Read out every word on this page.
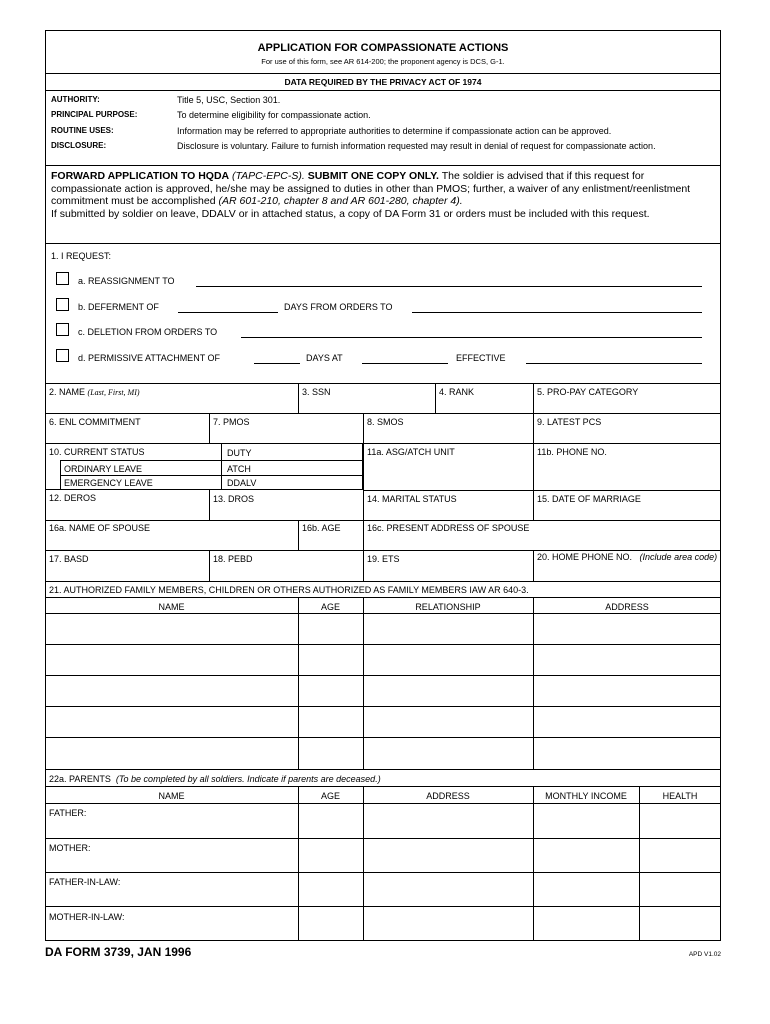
APPLICATION FOR COMPASSIONATE ACTIONS
For use of this form, see AR 614-200; the proponent agency is DCS, G-1.
DATA REQUIRED BY THE PRIVACY ACT OF 1974
AUTHORITY:	Title 5, USC, Section 301.
PRINCIPAL PURPOSE:	To determine eligibility for compassionate action.
ROUTINE USES:	Information may be referred to appropriate authorities to determine if compassionate action can be approved.
DISCLOSURE:	Disclosure is voluntary. Failure to furnish information requested may result in denial of request for compassionate action.
FORWARD APPLICATION TO HQDA (TAPC-EPC-S). SUBMIT ONE COPY ONLY. The soldier is advised that if this request for compassionate action is approved, he/she may be assigned to duties in other than PMOS; further, a waiver of any enlistment/reenlistment commitment must be accomplished (AR 601-210, chapter 8 and AR 601-280, chapter 4).
If submitted by soldier on leave, DDALV or in attached status, a copy of DA Form 31 or orders must be included with this request.
1. I REQUEST:
a. REASSIGNMENT TO
b. DEFERMENT OF	DAYS FROM ORDERS TO
c. DELETION FROM ORDERS TO
d. PERMISSIVE ATTACHMENT OF	DAYS AT	EFFECTIVE
2. NAME (Last, First, MI)	3. SSN	4. RANK	5. PRO-PAY CATEGORY
6. ENL COMMITMENT	7. PMOS	8. SMOS	9. LATEST PCS
10. CURRENT STATUS	DUTY
ORDINARY LEAVE	ATCH
EMERGENCY LEAVE	DDALV
11a. ASG/ATCH UNIT	11b. PHONE NO.
12. DEROS	13. DROS	14. MARITAL STATUS	15. DATE OF MARRIAGE
16a. NAME OF SPOUSE	16b. AGE	16c. PRESENT ADDRESS OF SPOUSE
17. BASD	18. PEBD	19. ETS	20. HOME PHONE NO. (Include area code)
21. AUTHORIZED FAMILY MEMBERS, CHILDREN OR OTHERS AUTHORIZED AS FAMILY MEMBERS IAW AR 640-3.
NAME	AGE	RELATIONSHIP	ADDRESS
22a. PARENTS (To be completed by all soldiers. Indicate if parents are deceased.)
NAME	AGE	ADDRESS	MONTHLY INCOME	HEALTH
FATHER:
MOTHER:
FATHER-IN-LAW:
MOTHER-IN-LAW:
DA FORM 3739, JAN 1996	APD V1.02
